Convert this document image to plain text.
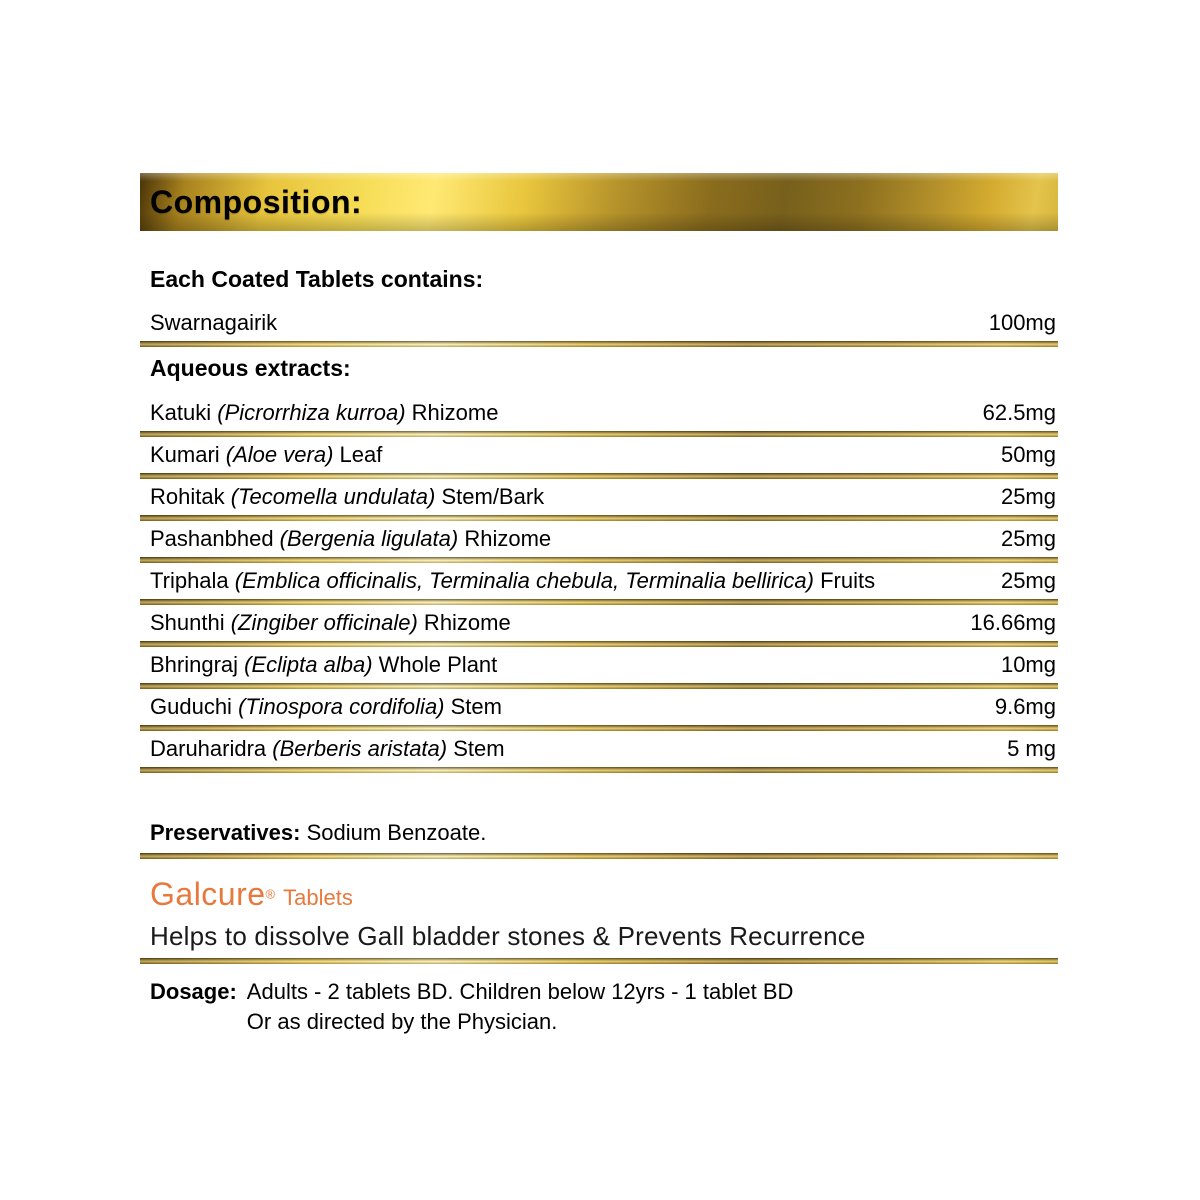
Composition:
Each Coated Tablets contains:
Swarnagairik	100mg
Aqueous extracts:
Katuki (Picrorrhiza kurroa) Rhizome	62.5mg
Kumari (Aloe vera) Leaf	50mg
Rohitak (Tecomella undulata) Stem/Bark	25mg
Pashanbhed (Bergenia ligulata) Rhizome	25mg
Triphala (Emblica officinalis, Terminalia chebula, Terminalia bellirica) Fruits	25mg
Shunthi (Zingiber officinale) Rhizome	16.66mg
Bhringraj (Eclipta alba) Whole Plant	10mg
Guduchi (Tinospora cordifolia) Stem	9.6mg
Daruharidra (Berberis aristata) Stem	5 mg
Preservatives: Sodium Benzoate.
Galcure® Tablets
Helps to dissolve Gall bladder stones & Prevents Recurrence
Dosage: Adults - 2 tablets BD. Children below 12yrs - 1 tablet BD
Or as directed by the Physician.
